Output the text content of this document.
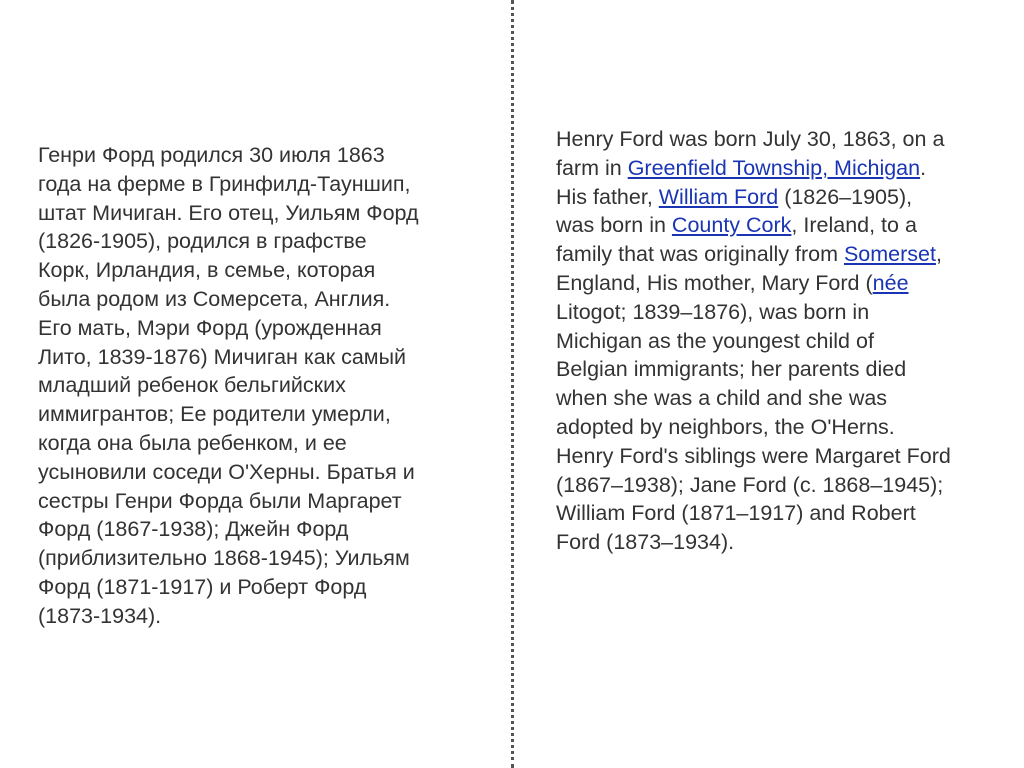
Генри Форд родился 30 июля 1863
года на ферме в Гринфилд-Тауншип,
штат Мичиган. Его отец, Уильям Форд
(1826-1905), родился в графстве
Корк, Ирландия, в семье, которая
была родом из Сомерсета, Англия.
Его мать, Мэри Форд (урожденная
Лито, 1839-1876) Мичиган как самый
младший ребенок бельгийских
иммигрантов; Ее родители умерли,
когда она была ребенком, и ее
усыновили соседи О'Херны. Братья и
сестры Генри Форда были Маргарет
Форд (1867-1938); Джейн Форд
(приблизительно 1868-1945); Уильям
Форд (1871-1917) и Роберт Форд
(1873-1934).
Henry Ford was born July 30, 1863, on a
farm in Greenfield Township, Michigan.
His father, William Ford (1826–1905),
was born in County Cork, Ireland, to a
family that was originally from Somerset,
England, His mother, Mary Ford (née
Litogot; 1839–1876), was born in
Michigan as the youngest child of
Belgian immigrants; her parents died
when she was a child and she was
adopted by neighbors, the O'Herns.
Henry Ford's siblings were Margaret Ford
(1867–1938); Jane Ford (c. 1868–1945);
William Ford (1871–1917) and Robert
Ford (1873–1934).
